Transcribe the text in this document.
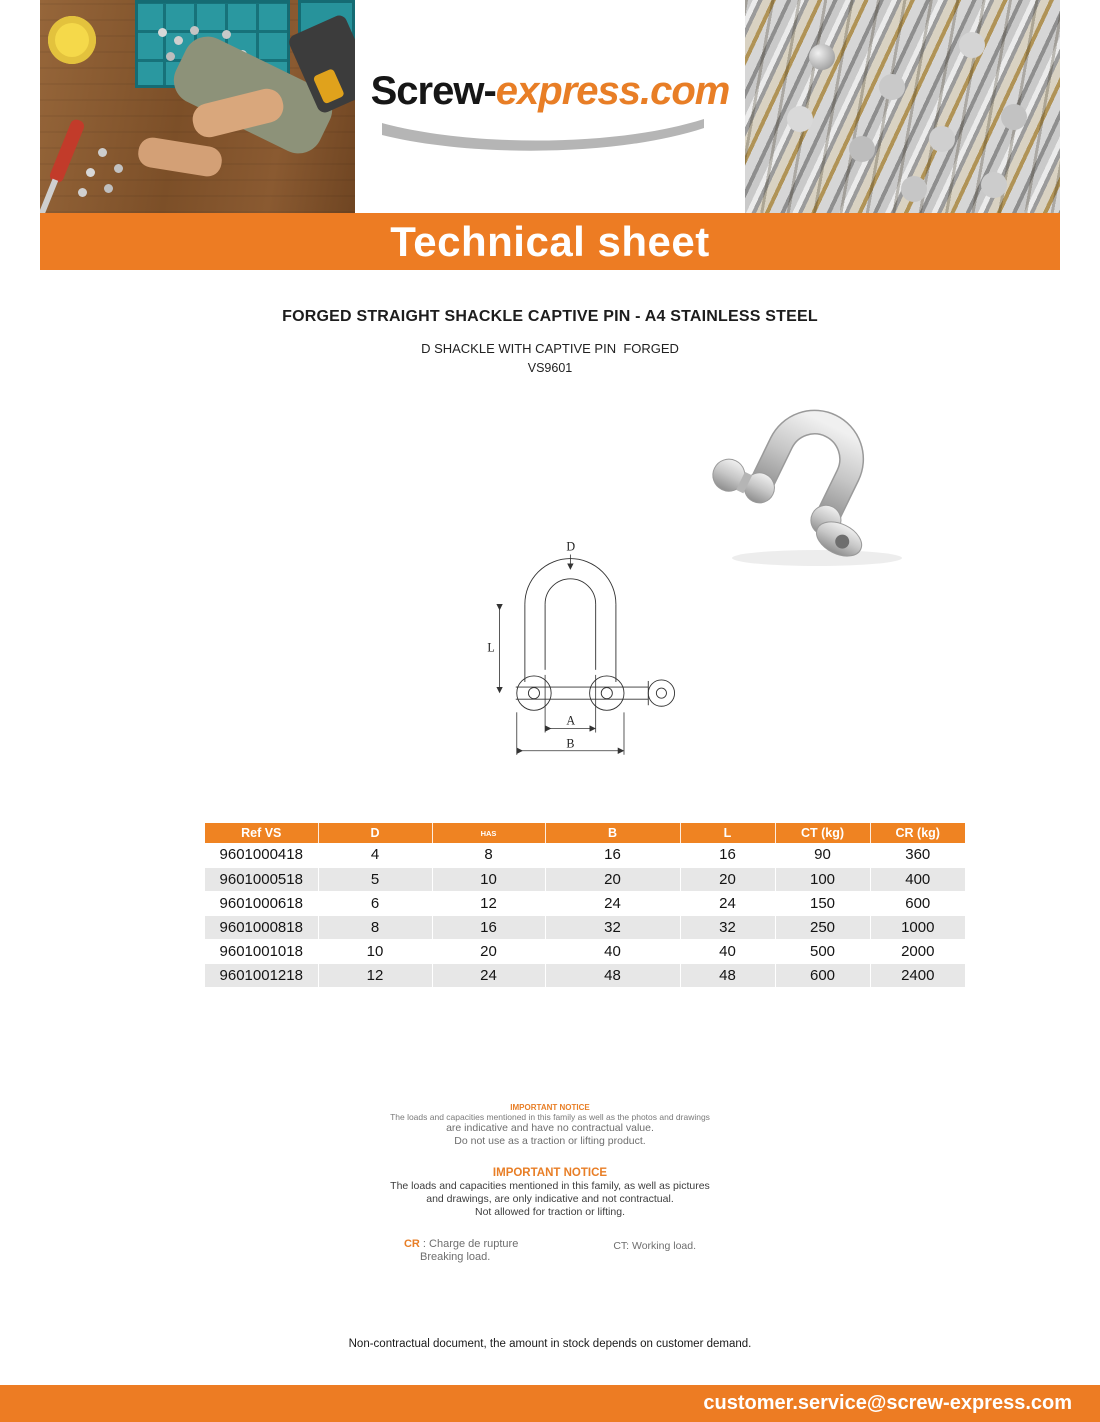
Screw-express.com
Technical sheet
FORGED STRAIGHT SHACKLE CAPTIVE PIN - A4 STAINLESS STEEL
D SHACKLE WITH CAPTIVE PIN  FORGED
VS9601
D
L
A
B
Ref VS	D	HAS	B	L	CT (kg)	CR (kg)
9601000418	4	8	16	16	90	360
9601000518	5	10	20	20	100	400
9601000618	6	12	24	24	150	600
9601000818	8	16	32	32	250	1000
9601001018	10	20	40	40	500	2000
9601001218	12	24	48	48	600	2400
IMPORTANT NOTICE
The loads and capacities mentioned in this family as well as the photos and drawings
are indicative and have no contractual value.
Do not use as a traction or lifting product.
IMPORTANT NOTICE
The loads and capacities mentioned in this family, as well as pictures
and drawings, are only indicative and not contractual.
Not allowed for traction or lifting.
CR : Charge de rupture
Breaking load.
CT: Working load.
Non-contractual document, the amount in stock depends on customer demand.
customer.service@screw-express.com
